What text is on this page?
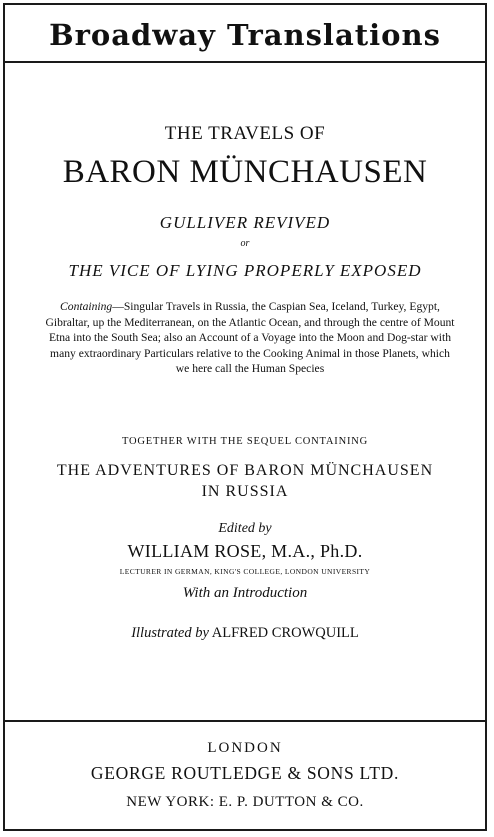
Broadway Translations
THE TRAVELS OF
BARON MÜNCHAUSEN
GULLIVER REVIVED
or
THE VICE OF LYING PROPERLY EXPOSED
Containing—Singular Travels in Russia, the Caspian Sea, Iceland, Turkey, Egypt, Gibraltar, up the Mediterranean, on the Atlantic Ocean, and through the centre of Mount Etna into the South Sea; also an Account of a Voyage into the Moon and Dog-star with many extraordinary Particulars relative to the Cooking Animal in those Planets, which we here call the Human Species
TOGETHER WITH THE SEQUEL CONTAINING
THE ADVENTURES OF BARON MÜNCHAUSEN
IN RUSSIA
Edited by
WILLIAM ROSE, M.A., Ph.D.
LECTURER IN GERMAN, KING'S COLLEGE, LONDON UNIVERSITY
With an Introduction
Illustrated by ALFRED CROWQUILL
LONDON
GEORGE ROUTLEDGE & SONS LTD.
NEW YORK: E. P. DUTTON & CO.
